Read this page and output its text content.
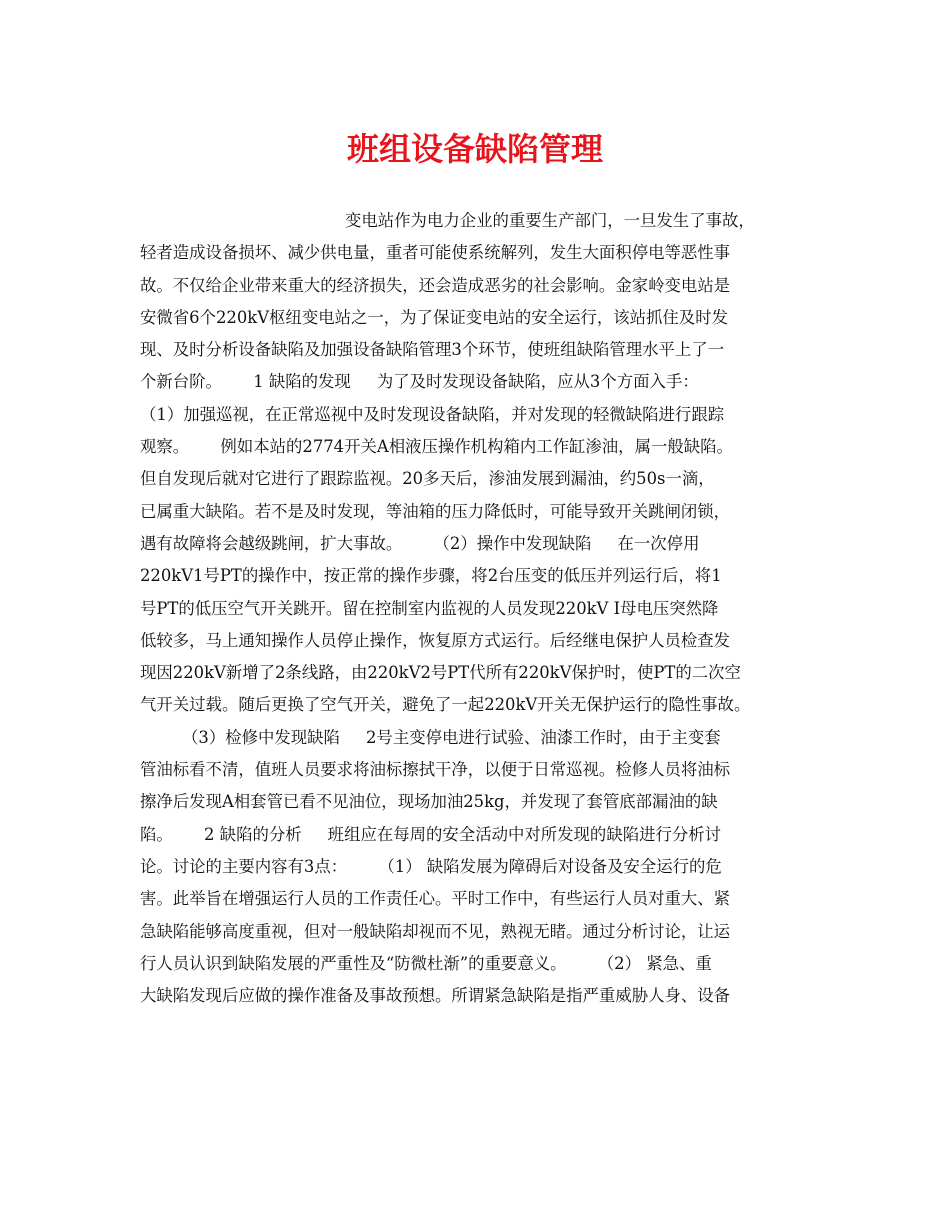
班组设备缺陷管理
变电站作为电力企业的重要生产部门，一旦发生了事故，
轻者造成设备损坏、减少供电量，重者可能使系统解列，发生大面积停电等恶性事
故。不仅给企业带来重大的经济损失，还会造成恶劣的社会影响。金家岭变电站是
安微省6个220kV枢纽变电站之一，为了保证变电站的安全运行，该站抓住及时发
现、及时分析设备缺陷及加强设备缺陷管理3个环节，使班组缺陷管理水平上了一
个新台阶。      1 缺陷的发现     为了及时发现设备缺陷，应从3个方面入手：
（1）加强巡视，在正常巡视中及时发现设备缺陷，并对发现的轻微缺陷进行跟踪
观察。      例如本站的2774开关A相液压操作机构箱内工作缸渗油，属一般缺陷。
但自发现后就对它进行了跟踪监视。20多天后，渗油发展到漏油，约50s一滴，
已属重大缺陷。若不是及时发现，等油箱的压力降低时，可能导致开关跳闸闭锁，
遇有故障将会越级跳闸，扩大事故。      （2）操作中发现缺陷     在一次停用
220kV1号PT的操作中，按正常的操作步骤，将2台压变的低压并列运行后，将1
号PT的低压空气开关跳开。留在控制室内监视的人员发现220kV Ⅰ母电压突然降
低较多，马上通知操作人员停止操作，恢复原方式运行。后经继电保护人员检查发
现因220kV新增了2条线路，由220kV2号PT代所有220kV保护时，使PT的二次空
气开关过载。随后更换了空气开关，避免了一起220kV开关无保护运行的隐性事故。
（3）检修中发现缺陷     2号主变停电进行试验、油漆工作时，由于主变套
管油标看不清，值班人员要求将油标擦拭干净，以便于日常巡视。检修人员将油标
擦净后发现A相套管已看不见油位，现场加油25kg，并发现了套管底部漏油的缺
陷。      2 缺陷的分析     班组应在每周的安全活动中对所发现的缺陷进行分析讨
论。讨论的主要内容有3点：      （1） 缺陷发展为障碍后对设备及安全运行的危
害。此举旨在增强运行人员的工作责任心。平时工作中，有些运行人员对重大、紧
急缺陷能够高度重视，但对一般缺陷却视而不见，熟视无睹。通过分析讨论，让运
行人员认识到缺陷发展的严重性及“防微杜渐”的重要意义。      （2） 紧急、重
大缺陷发现后应做的操作准备及事故预想。所谓紧急缺陷是指严重威胁人身、设备
